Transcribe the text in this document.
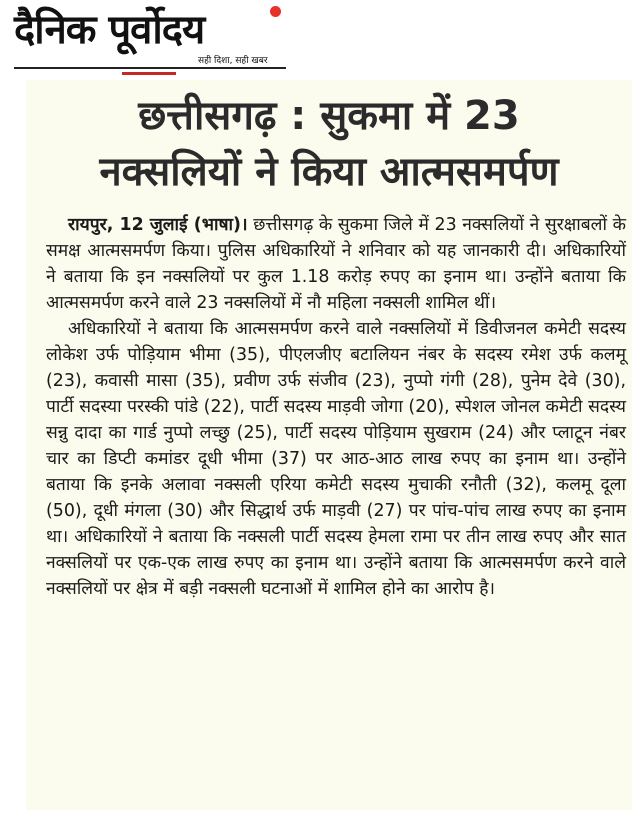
दैनिक पूर्वोदय
सही दिशा, सही खबर
छत्तीसगढ़ : सुकमा में 23
नक्सलियों ने किया आत्मसमर्पण

रायपुर, 12 जुलाई (भाषा)। छत्तीसगढ़ के सुकमा जिले में 23 नक्सलियों ने सुरक्षाबलों के समक्ष आत्मसमर्पण किया। पुलिस अधिकारियों ने शनिवार को यह जानकारी दी। अधिकारियों ने बताया कि इन नक्सलियों पर कुल 1.18 करोड़ रुपए का इनाम था। उन्होंने बताया कि आत्मसमर्पण करने वाले 23 नक्सलियों में नौ महिला नक्सली शामिल थीं।

अधिकारियों ने बताया कि आत्मसमर्पण करने वाले नक्सलियों में डिवीजनल कमेटी सदस्य लोकेश उर्फ पोड़ियाम भीमा (35), पीएलजीए बटालियन नंबर के सदस्य रमेश उर्फ कलमू (23), कवासी मासा (35), प्रवीण उर्फ संजीव (23), नुप्पो गंगी (28), पुनेम देवे (30), पार्टी सदस्या परस्की पांडे (22), पार्टी सदस्य माड़वी जोगा (20), स्पेशल जोनल कमेटी सदस्य सन्नु दादा का गार्ड नुप्पो लच्छु (25), पार्टी सदस्य पोड़ियाम सुखराम (24) और प्लाटून नंबर चार का डिप्टी कमांडर दूधी भीमा (37) पर आठ-आठ लाख रुपए का इनाम था। उन्होंने बताया कि इनके अलावा नक्सली एरिया कमेटी सदस्य मुचाकी रनौती (32), कलमू दूला (50), दूधी मंगला (30) और सिद्धार्थ उर्फ माड़वी (27) पर पांच-पांच लाख रुपए का इनाम था। अधिकारियों ने बताया कि नक्सली पार्टी सदस्य हेमला रामा पर तीन लाख रुपए और सात नक्सलियों पर एक-एक लाख रुपए का इनाम था। उन्होंने बताया कि आत्मसमर्पण करने वाले नक्सलियों पर क्षेत्र में बड़ी नक्सली घटनाओं में शामिल होने का आरोप है।
